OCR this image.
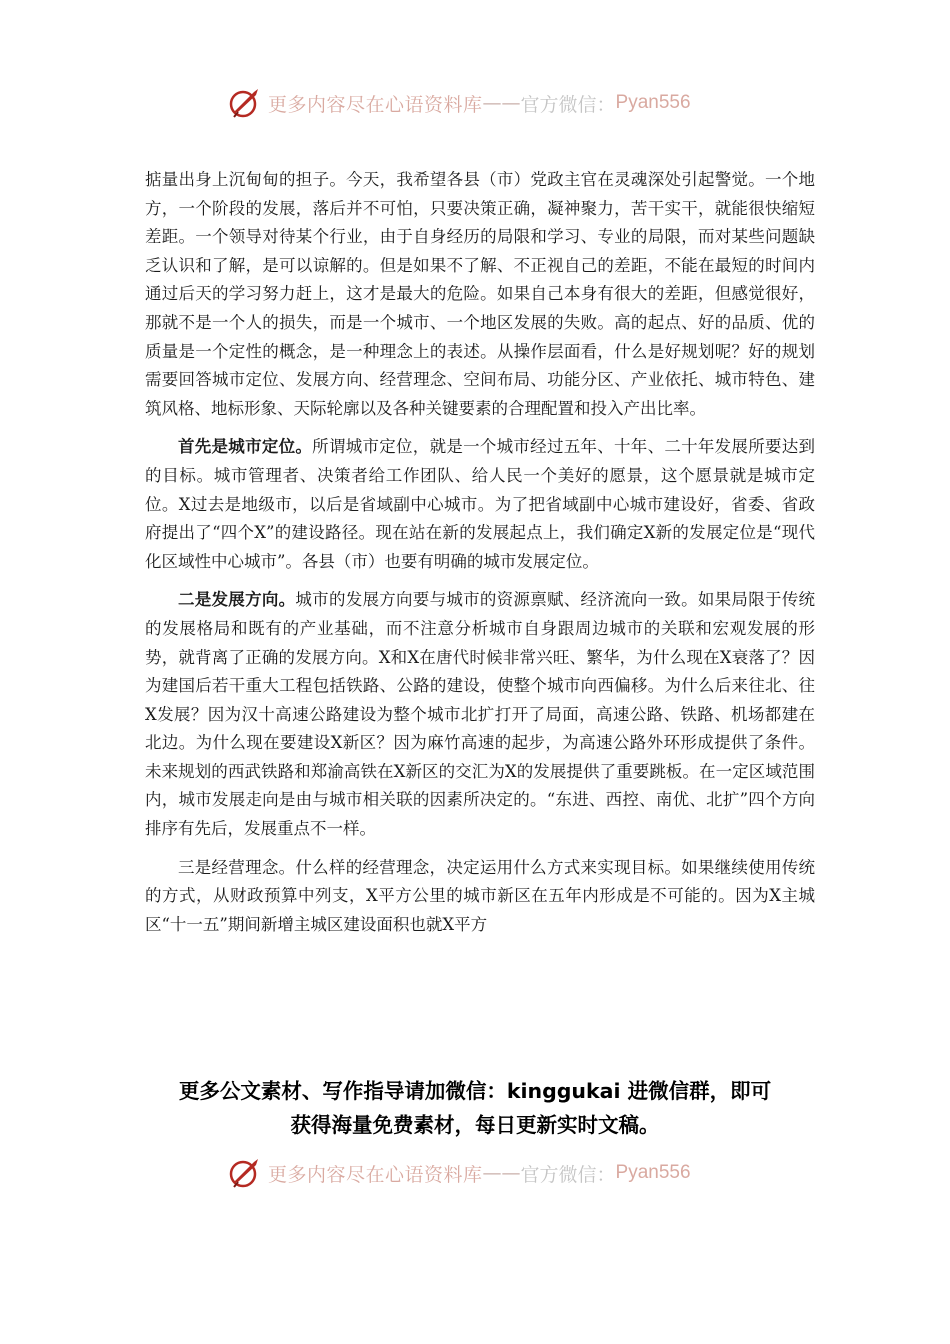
更多内容尽在心语资料库 —— 官方微信： Pyan556

掂量出身上沉甸甸的担子。今天，我希望各县（市）党政主官在灵魂深处引起警觉。一个地方，一个阶段的发展，落后并不可怕，只要决策正确，凝神聚力，苦干实干，就能很快缩短差距。一个领导对待某个行业，由于自身经历的局限和学习、专业的局限，而对某些问题缺乏认识和了解，是可以谅解的。但是如果不了解、不正视自己的差距，不能在最短的时间内通过后天的学习努力赶上，这才是最大的危险。如果自己本身有很大的差距，但感觉很好，那就不是一个人的损失，而是一个城市、一个地区发展的失败。高的起点、好的品质、优的质量是一个定性的概念，是一种理念上的表述。从操作层面看，什么是好规划呢？好的规划需要回答城市定位、发展方向、经营理念、空间布局、功能分区、产业依托、城市特色、建筑风格、地标形象、天际轮廓以及各种关键要素的合理配置和投入产出比率。

首先是城市定位。所谓城市定位，就是一个城市经过五年、十年、二十年发展所要达到的目标。城市管理者、决策者给工作团队、给人民一个美好的愿景，这个愿景就是城市定位。X过去是地级市，以后是省域副中心城市。为了把省域副中心城市建设好，省委、省政府提出了“四个X”的建设路径。现在站在新的发展起点上，我们确定X新的发展定位是“现代化区域性中心城市”。各县（市）也要有明确的城市发展定位。

二是发展方向。城市的发展方向要与城市的资源禀赋、经济流向一致。如果局限于传统的发展格局和既有的产业基础，而不注意分析城市自身跟周边城市的关联和宏观发展的形势，就背离了正确的发展方向。X和X在唐代时候非常兴旺、繁华，为什么现在X衰落了？因为建国后若干重大工程包括铁路、公路的建设，使整个城市向西偏移。为什么后来往北、往X发展？因为汉十高速公路建设为整个城市北扩打开了局面，高速公路、铁路、机场都建在北边。为什么现在要建设X新区？因为麻竹高速的起步，为高速公路外环形成提供了条件。未来规划的西武铁路和郑渝高铁在X新区的交汇为X的发展提供了重要跳板。在一定区域范围内，城市发展走向是由与城市相关联的因素所决定的。“东进、西控、南优、北扩”四个方向排序有先后，发展重点不一样。

三是经营理念。什么样的经营理念，决定运用什么方式来实现目标。如果继续使用传统的方式，从财政预算中列支，X平方公里的城市新区在五年内形成是不可能的。因为X主城区“十一五”期间新增主城区建设面积也就X平方

更多公文素材、写作指导请加微信：kinggukai 进微信群，即可
获得海量免费素材，每日更新实时文稿。
更多内容尽在心语资料库 —— 官方微信： Pyan556
